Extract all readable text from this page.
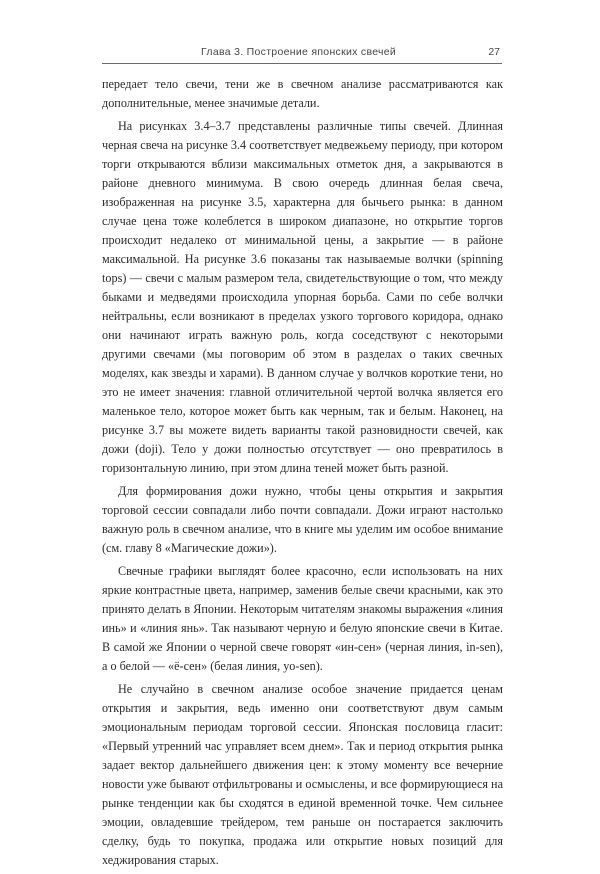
Глава 3. Построение японских свечей	27

передает тело свечи, тени же в свечном анализе рассматриваются как дополнительные, менее значимые детали.

На рисунках 3.4–3.7 представлены различные типы свечей. Длинная черная свеча на рисунке 3.4 соответствует медвежьему периоду, при котором торги открываются вблизи максимальных отметок дня, а закрываются в районе дневного минимума. В свою очередь длинная белая свеча, изображенная на рисунке 3.5, характерна для бычьего рынка: в данном случае цена тоже колеблется в широком диапазоне, но открытие торгов происходит недалеко от минимальной цены, а закрытие — в районе максимальной. На рисунке 3.6 показаны так называемые волчки (spinning tops) — свечи с малым размером тела, свидетельствующие о том, что между быками и медведями происходила упорная борьба. Сами по себе волчки нейтральны, если возникают в пределах узкого торгового коридора, однако они начинают играть важную роль, когда соседствуют с некоторыми другими свечами (мы поговорим об этом в разделах о таких свечных моделях, как звезды и харами). В данном случае у волчков короткие тени, но это не имеет значения: главной отличительной чертой волчка является его маленькое тело, которое может быть как черным, так и белым. Наконец, на рисунке 3.7 вы можете видеть варианты такой разновидности свечей, как дожи (doji). Тело у дожи полностью отсутствует — оно превратилось в горизонтальную линию, при этом длина теней может быть разной.

Для формирования дожи нужно, чтобы цены открытия и закрытия торговой сессии совпадали либо почти совпадали. Дожи играют настолько важную роль в свечном анализе, что в книге мы уделим им особое внимание (см. главу 8 «Магические дожи»).

Свечные графики выглядят более красочно, если использовать на них яркие контрастные цвета, например, заменив белые свечи красными, как это принято делать в Японии. Некоторым читателям знакомы выражения «линия инь» и «линия янь». Так называют черную и белую японские свечи в Китае. В самой же Японии о черной свече говорят «ин-сен» (черная линия, in-sen), а о белой — «ё-сен» (белая линия, yo-sen).

Не случайно в свечном анализе особое значение придается ценам открытия и закрытия, ведь именно они соответствуют двум самым эмоциональным периодам торговой сессии. Японская пословица гласит: «Первый утренний час управляет всем днем». Так и период открытия рынка задает вектор дальнейшего движения цен: к этому моменту все вечерние новости уже бывают отфильтрованы и осмыслены, и все формирующиеся на рынке тенденции как бы сходятся в единой временной точке. Чем сильнее эмоции, овладевшие трейдером, тем раньше он постарается заключить сделку, будь то покупка, продажа или открытие новых позиций для хеджирования старых.
